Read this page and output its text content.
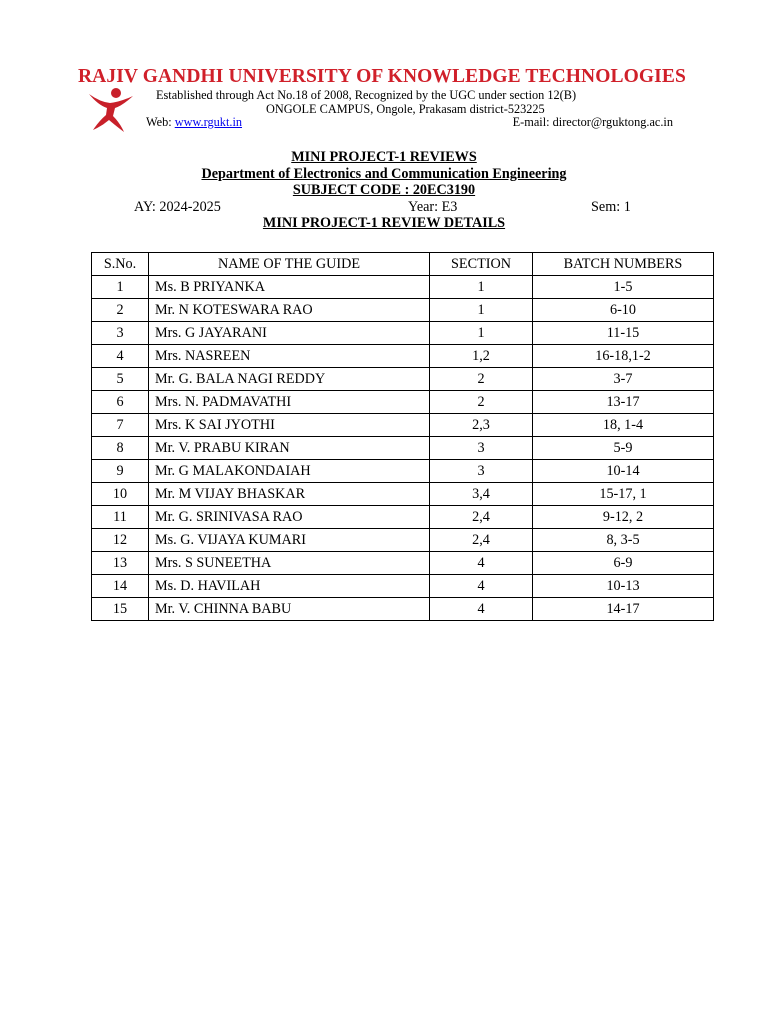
RAJIV GANDHI UNIVERSITY OF KNOWLEDGE TECHNOLOGIES
Established through Act No.18 of 2008, Recognized by the UGC under section 12(B)
ONGOLE CAMPUS, Ongole, Prakasam district-523225
Web: www.rgukt.in	E-mail: director@rguktong.ac.in
MINI PROJECT-1 REVIEWS
Department of Electronics and Communication Engineering
SUBJECT CODE : 20EC3190
AY: 2024-2025	Year: E3	Sem: 1
MINI PROJECT-1 REVIEW DETAILS
S.No.	NAME OF THE GUIDE	SECTION	BATCH NUMBERS
1	Ms. B PRIYANKA	1	1-5
2	Mr. N KOTESWARA RAO	1	6-10
3	Mrs. G JAYARANI	1	11-15
4	Mrs. NASREEN	1,2	16-18,1-2
5	Mr. G. BALA NAGI REDDY	2	3-7
6	Mrs. N. PADMAVATHI	2	13-17
7	Mrs. K SAI JYOTHI	2,3	18, 1-4
8	Mr. V. PRABU KIRAN	3	5-9
9	Mr. G MALAKONDAIAH	3	10-14
10	Mr. M VIJAY BHASKAR	3,4	15-17, 1
11	Mr. G. SRINIVASA RAO	2,4	9-12, 2
12	Ms. G. VIJAYA KUMARI	2,4	8, 3-5
13	Mrs. S SUNEETHA	4	6-9
14	Ms. D. HAVILAH	4	10-13
15	Mr. V. CHINNA BABU	4	14-17
